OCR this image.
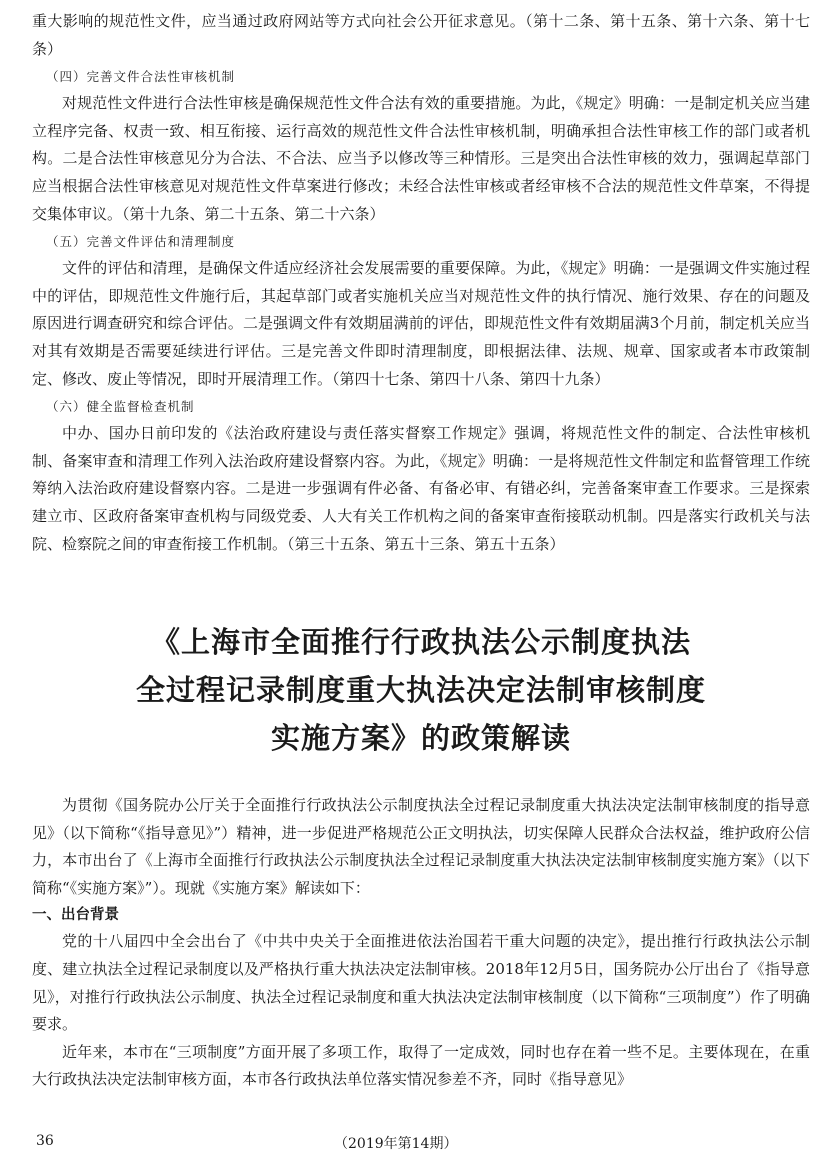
重大影响的规范性文件，应当通过政府网站等方式向社会公开征求意见。（第十二条、第十五条、第十六条、第十七条）

（四）完善文件合法性审核机制

对规范性文件进行合法性审核是确保规范性文件合法有效的重要措施。为此，《规定》明确：一是制定机关应当建立程序完备、权责一致、相互衔接、运行高效的规范性文件合法性审核机制，明确承担合法性审核工作的部门或者机构。二是合法性审核意见分为合法、不合法、应当予以修改等三种情形。三是突出合法性审核的效力，强调起草部门应当根据合法性审核意见对规范性文件草案进行修改；未经合法性审核或者经审核不合法的规范性文件草案，不得提交集体审议。（第十九条、第二十五条、第二十六条）

（五）完善文件评估和清理制度

文件的评估和清理，是确保文件适应经济社会发展需要的重要保障。为此，《规定》明确：一是强调文件实施过程中的评估，即规范性文件施行后，其起草部门或者实施机关应当对规范性文件的执行情况、施行效果、存在的问题及原因进行调查研究和综合评估。二是强调文件有效期届满前的评估，即规范性文件有效期届满3个月前，制定机关应当对其有效期是否需要延续进行评估。三是完善文件即时清理制度，即根据法律、法规、规章、国家或者本市政策制定、修改、废止等情况，即时开展清理工作。（第四十七条、第四十八条、第四十九条）

（六）健全监督检查机制

中办、国办日前印发的《法治政府建设与责任落实督察工作规定》强调，将规范性文件的制定、合法性审核机制、备案审查和清理工作列入法治政府建设督察内容。为此，《规定》明确：一是将规范性文件制定和监督管理工作统筹纳入法治政府建设督察内容。二是进一步强调有件必备、有备必审、有错必纠，完善备案审查工作要求。三是探索建立市、区政府备案审查机构与同级党委、人大有关工作机构之间的备案审查衔接联动机制。四是落实行政机关与法院、检察院之间的审查衔接工作机制。（第三十五条、第五十三条、第五十五条）

《上海市全面推行行政执法公示制度执法
全过程记录制度重大执法决定法制审核制度
实施方案》的政策解读

为贯彻《国务院办公厅关于全面推行行政执法公示制度执法全过程记录制度重大执法决定法制审核制度的指导意见》（以下简称“《指导意见》”）精神，进一步促进严格规范公正文明执法，切实保障人民群众合法权益，维护政府公信力，本市出台了《上海市全面推行行政执法公示制度执法全过程记录制度重大执法决定法制审核制度实施方案》（以下简称“《实施方案》”）。现就《实施方案》解读如下：

一、出台背景

党的十八届四中全会出台了《中共中央关于全面推进依法治国若干重大问题的决定》，提出推行行政执法公示制度、建立执法全过程记录制度以及严格执行重大执法决定法制审核。2018年12月5日，国务院办公厅出台了《指导意见》，对推行行政执法公示制度、执法全过程记录制度和重大执法决定法制审核制度（以下简称“三项制度”）作了明确要求。

近年来，本市在“三项制度”方面开展了多项工作，取得了一定成效，同时也存在着一些不足。主要体现在，在重大行政执法决定法制审核方面，本市各行政执法单位落实情况参差不齐，同时《指导意见》

36	（2019年第14期）
